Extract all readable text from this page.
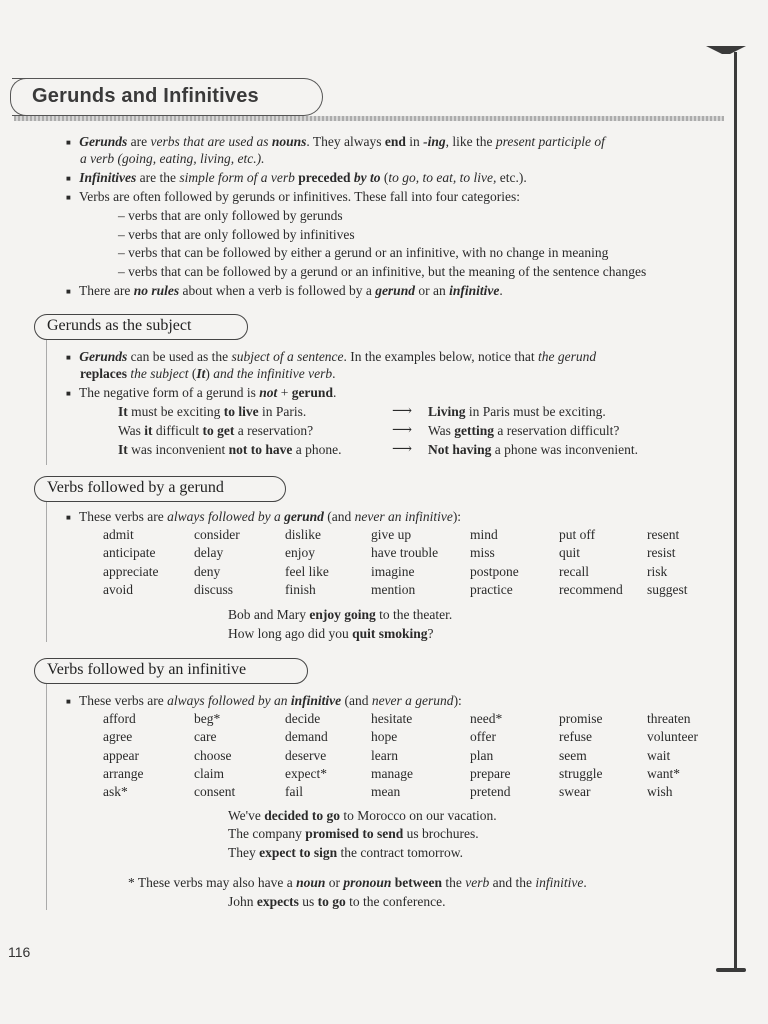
Gerunds and Infinitives
■ Gerunds are verbs that are used as nouns. They always end in -ing, like the present participle of
a verb (going, eating, living, etc.).
■ Infinitives are the simple form of a verb preceded by to (to go, to eat, to live, etc.).
■ Verbs are often followed by gerunds or infinitives. These fall into four categories:
– verbs that are only followed by gerunds
– verbs that are only followed by infinitives
– verbs that can be followed by either a gerund or an infinitive, with no change in meaning
– verbs that can be followed by a gerund or an infinitive, but the meaning of the sentence changes
■ There are no rules about when a verb is followed by a gerund or an infinitive.
Gerunds as the subject
■ Gerunds can be used as the subject of a sentence. In the examples below, notice that the gerund
replaces the subject (It) and the infinitive verb.
■ The negative form of a gerund is not + gerund.
It must be exciting to live in Paris.
Was it difficult to get a reservation?
It was inconvenient not to have a phone.
⟶
⟶
⟶
Living in Paris must be exciting.
Was getting a reservation difficult?
Not having a phone was inconvenient.
Verbs followed by a gerund
■ These verbs are always followed by a gerund (and never an infinitive):
admit
anticipate
appreciate
avoid
consider
delay
deny
discuss
dislike
enjoy
feel like
finish
give up
have trouble
imagine
mention
mind
miss
postpone
practice
put off
quit
recall
recommend
resent
resist
risk
suggest
Bob and Mary enjoy going to the theater.
How long ago did you quit smoking?
Verbs followed by an infinitive
■ These verbs are always followed by an infinitive (and never a gerund):
afford
agree
appear
arrange
ask*
beg*
care
choose
claim
consent
decide
demand
deserve
expect*
fail
hesitate
hope
learn
manage
mean
need*
offer
plan
prepare
pretend
promise
refuse
seem
struggle
swear
threaten
volunteer
wait
want*
wish
We've decided to go to Morocco on our vacation.
The company promised to send us brochures.
They expect to sign the contract tomorrow.
* These verbs may also have a noun or pronoun between the verb and the infinitive.
John expects us to go to the conference.
116
